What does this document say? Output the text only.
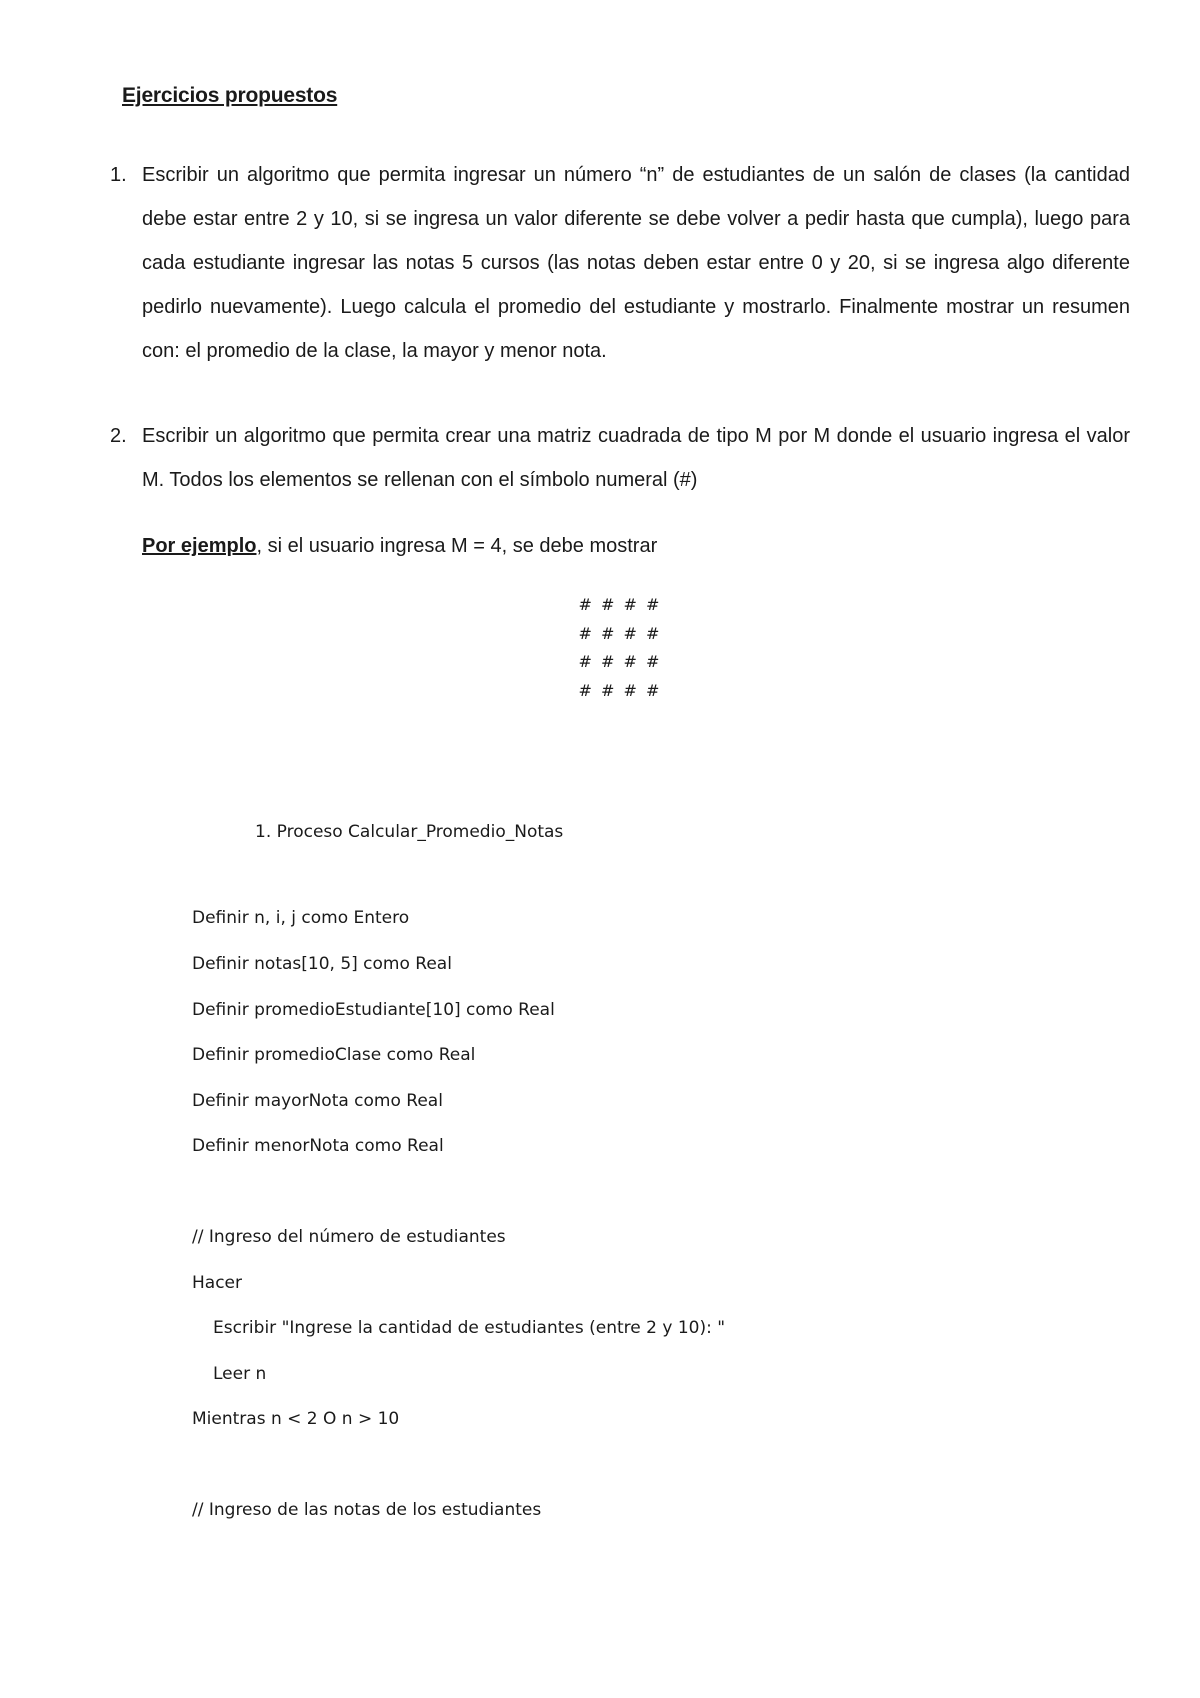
Ejercicios propuestos
1. Escribir un algoritmo que permita ingresar un número “n” de estudiantes de un salón de clases (la cantidad debe estar entre 2 y 10, si se ingresa un valor diferente se debe volver a pedir hasta que cumpla), luego para cada estudiante ingresar las notas 5 cursos (las notas deben estar entre 0 y 20, si se ingresa algo diferente pedirlo nuevamente). Luego calcula el promedio del estudiante y mostrarlo. Finalmente mostrar un resumen con: el promedio de la clase, la mayor y menor nota.
2. Escribir un algoritmo que permita crear una matriz cuadrada de tipo M por M donde el usuario ingresa el valor M. Todos los elementos se rellenan con el símbolo numeral (#)
Por ejemplo, si el usuario ingresa M = 4, se debe mostrar
# # # #
# # # #
# # # #
# # # #
1. Proceso Calcular_Promedio_Notas
Definir n, i, j como Entero
Definir notas[10, 5] como Real
Definir promedioEstudiante[10] como Real
Definir promedioClase como Real
Definir mayorNota como Real
Definir menorNota como Real
// Ingreso del número de estudiantes
Hacer
Escribir "Ingrese la cantidad de estudiantes (entre 2 y 10): "
Leer n
Mientras n < 2 O n > 10
// Ingreso de las notas de los estudiantes
